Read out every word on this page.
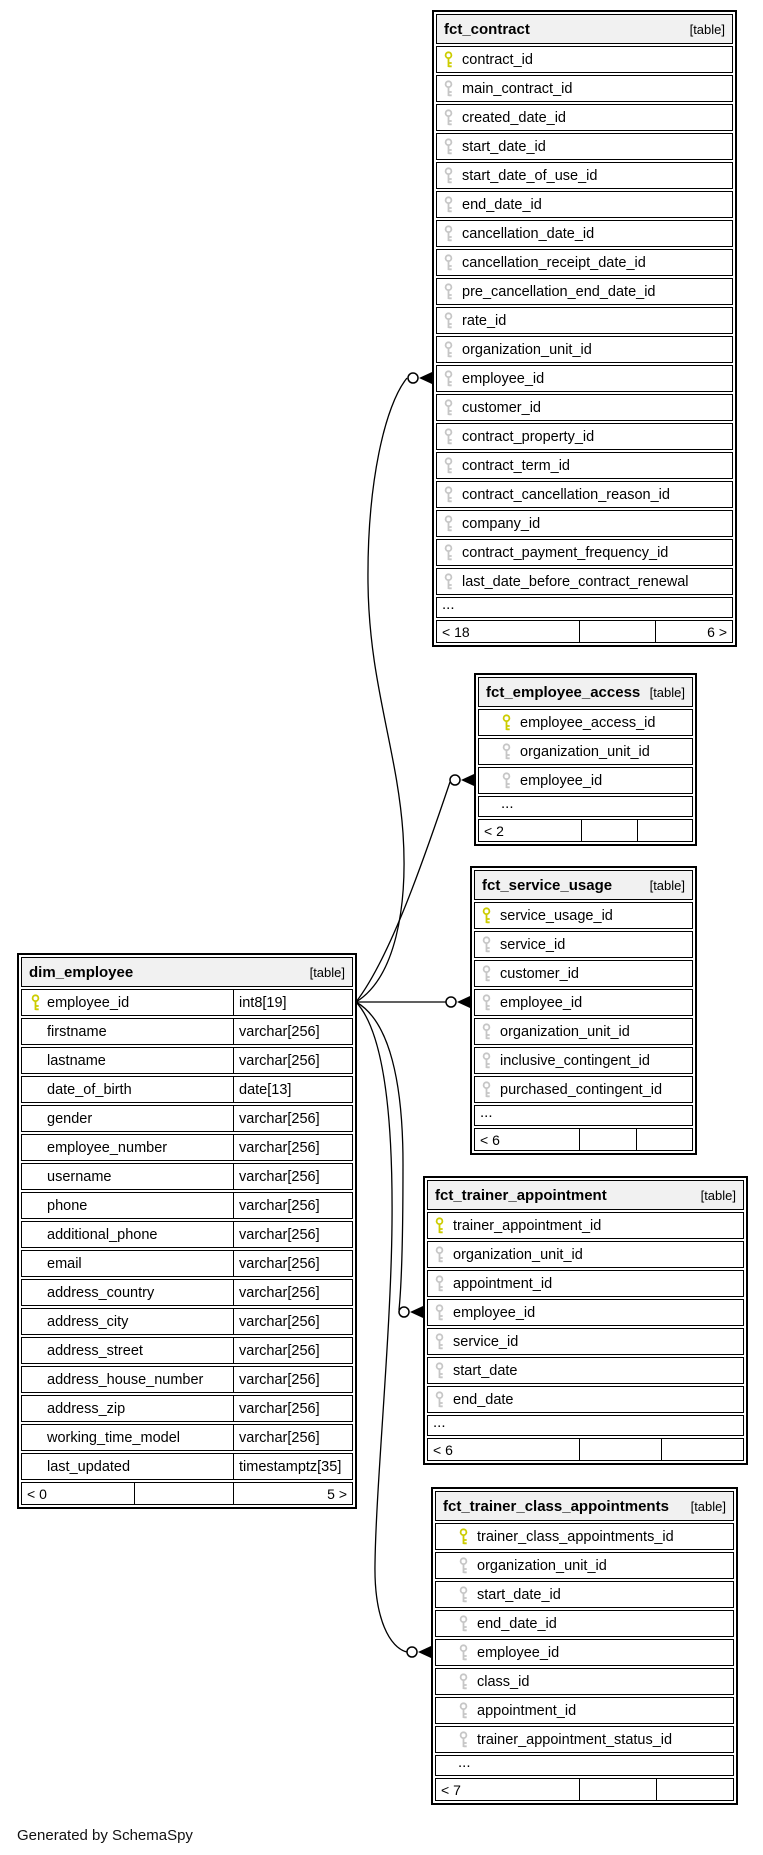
fct_contract	[table]
contract_id
main_contract_id
created_date_id
start_date_id
start_date_of_use_id
end_date_id
cancellation_date_id
cancellation_receipt_date_id
pre_cancellation_end_date_id
rate_id
organization_unit_id
employee_id
customer_id
contract_property_id
contract_term_id
contract_cancellation_reason_id
company_id
contract_payment_frequency_id
last_date_before_contract_renewal
...
< 18	6 >
fct_employee_access [table]
employee_access_id
organization_unit_id
employee_id
...
< 2
fct_service_usage	[table]
service_usage_id
service_id
customer_id
employee_id
organization_unit_id
inclusive_contingent_id
purchased_contingent_id
...
< 6
fct_trainer_appointment	[table]
trainer_appointment_id
organization_unit_id
appointment_id
employee_id
service_id
start_date
end_date
...
< 6
fct_trainer_class_appointments [table]
trainer_class_appointments_id
organization_unit_id
start_date_id
end_date_id
employee_id
class_id
appointment_id
trainer_appointment_status_id
...
< 7
dim_employee	[table]
employee_id	int8[19]
firstname	varchar[256]
lastname	varchar[256]
date_of_birth	date[13]
gender	varchar[256]
employee_number	varchar[256]
username	varchar[256]
phone	varchar[256]
additional_phone	varchar[256]
email	varchar[256]
address_country	varchar[256]
address_city	varchar[256]
address_street	varchar[256]
address_house_number	varchar[256]
address_zip	varchar[256]
working_time_model	varchar[256]
last_updated	timestamptz[35]
< 0	5 >
Generated by SchemaSpy
